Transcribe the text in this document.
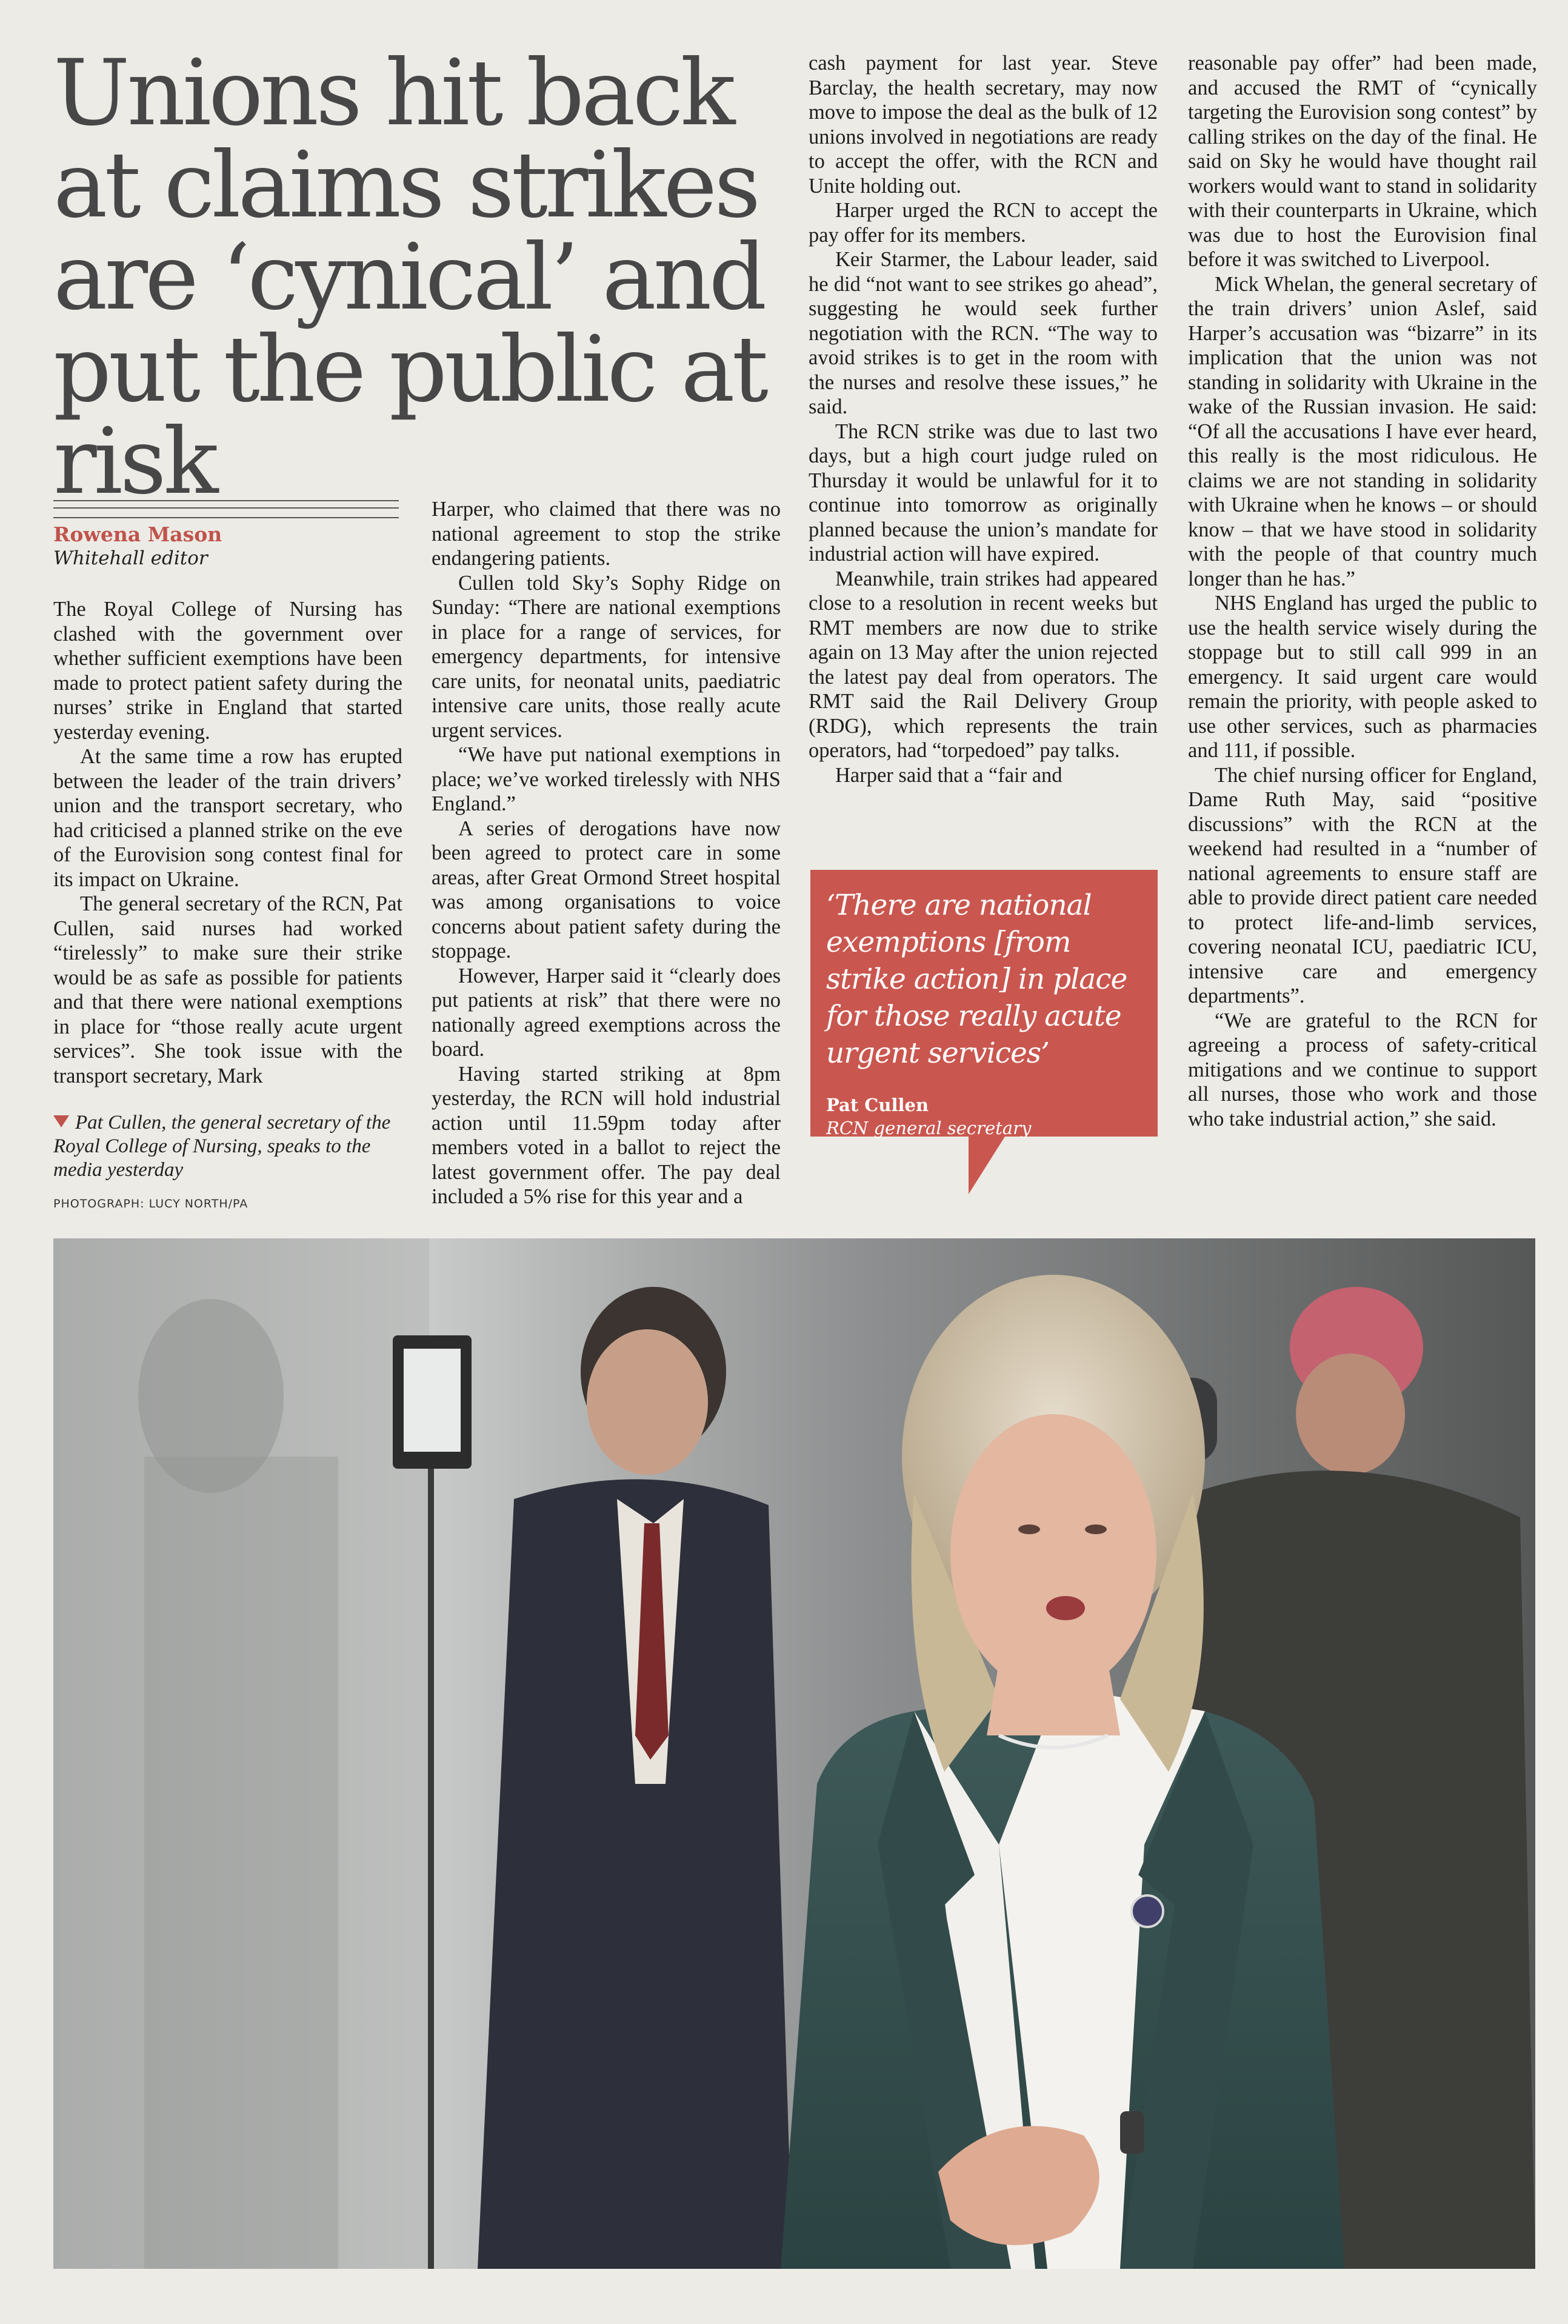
Unions hit back at claims strikes are ‘cynical’ and put the public at risk

Rowena Mason

Whitehall editor

The Royal College of Nursing has clashed with the government over whether sufficient exemptions have been made to protect patient safety during the nurses’ strike in England that started yesterday evening.

At the same time a row has erupted between the leader of the train drivers’ union and the transport secretary, who had criticised a planned strike on the eve of the Eurovision song contest final for its impact on Ukraine.

The general secretary of the RCN, Pat Cullen, said nurses had worked “tirelessly” to make sure their strike would be as safe as possible for patients and that there were national exemptions in place for “those really acute urgent services”. She took issue with the transport secretary, Mark

Pat Cullen, the general secretary of the Royal College of Nursing, speaks to the media yesterday
PHOTOGRAPH: LUCY NORTH/PA

Harper, who claimed that there was no national agreement to stop the strike endangering patients.

Cullen told Sky’s Sophy Ridge on Sunday: “There are national exemptions in place for a range of services, for emergency departments, for intensive care units, for neonatal units, paediatric intensive care units, those really acute urgent services.

“We have put national exemptions in place; we’ve worked tirelessly with NHS England.”

A series of derogations have now been agreed to protect care in some areas, after Great Ormond Street hospital was among organisations to voice concerns about patient safety during the stoppage.

However, Harper said it “clearly does put patients at risk” that there were no nationally agreed exemptions across the board.

Having started striking at 8pm yesterday, the RCN will hold industrial action until 11.59pm today after members voted in a ballot to reject the latest government offer. The pay deal included a 5% rise for this year and a

cash payment for last year. Steve Barclay, the health secretary, may now move to impose the deal as the bulk of 12 unions involved in negotiations are ready to accept the offer, with the RCN and Unite holding out.

Harper urged the RCN to accept the pay offer for its members.

Keir Starmer, the Labour leader, said he did “not want to see strikes go ahead”, suggesting he would seek further negotiation with the RCN. “The way to avoid strikes is to get in the room with the nurses and resolve these issues,” he said.

The RCN strike was due to last two days, but a high court judge ruled on Thursday it would be unlawful for it to continue into tomorrow as originally planned because the union’s mandate for industrial action will have expired.

Meanwhile, train strikes had appeared close to a resolution in recent weeks but RMT members are now due to strike again on 13 May after the union rejected the latest pay deal from operators. The RMT said the Rail Delivery Group (RDG), which represents the train operators, had “torpedoed” pay talks.

Harper said that a “fair and

‘There are national exemptions [from strike action] in place for those really acute urgent services’

Pat Cullen
RCN general secretary

reasonable pay offer” had been made, and accused the RMT of “cynically targeting the Eurovision song contest” by calling strikes on the day of the final. He said on Sky he would have thought rail workers would want to stand in solidarity with their counterparts in Ukraine, which was due to host the Eurovision final before it was switched to Liverpool.

Mick Whelan, the general secretary of the train drivers’ union Aslef, said Harper’s accusation was “bizarre” in its implication that the union was not standing in solidarity with Ukraine in the wake of the Russian invasion. He said: “Of all the accusations I have ever heard, this really is the most ridiculous. He claims we are not standing in solidarity with Ukraine when he knows – or should know – that we have stood in solidarity with the people of that country much longer than he has.”

NHS England has urged the public to use the health service wisely during the stoppage but to still call 999 in an emergency. It said urgent care would remain the priority, with people asked to use other services, such as pharmacies and 111, if possible.

The chief nursing officer for England, Dame Ruth May, said “positive discussions” with the RCN at the weekend had resulted in a “number of national agreements to ensure staff are able to provide direct patient care needed to protect life-and-limb services, covering neonatal ICU, paediatric ICU, intensive care and emergency departments”.

“We are grateful to the RCN for agreeing a process of safety-critical mitigations and we continue to support all nurses, those who work and those who take industrial action,” she said.
